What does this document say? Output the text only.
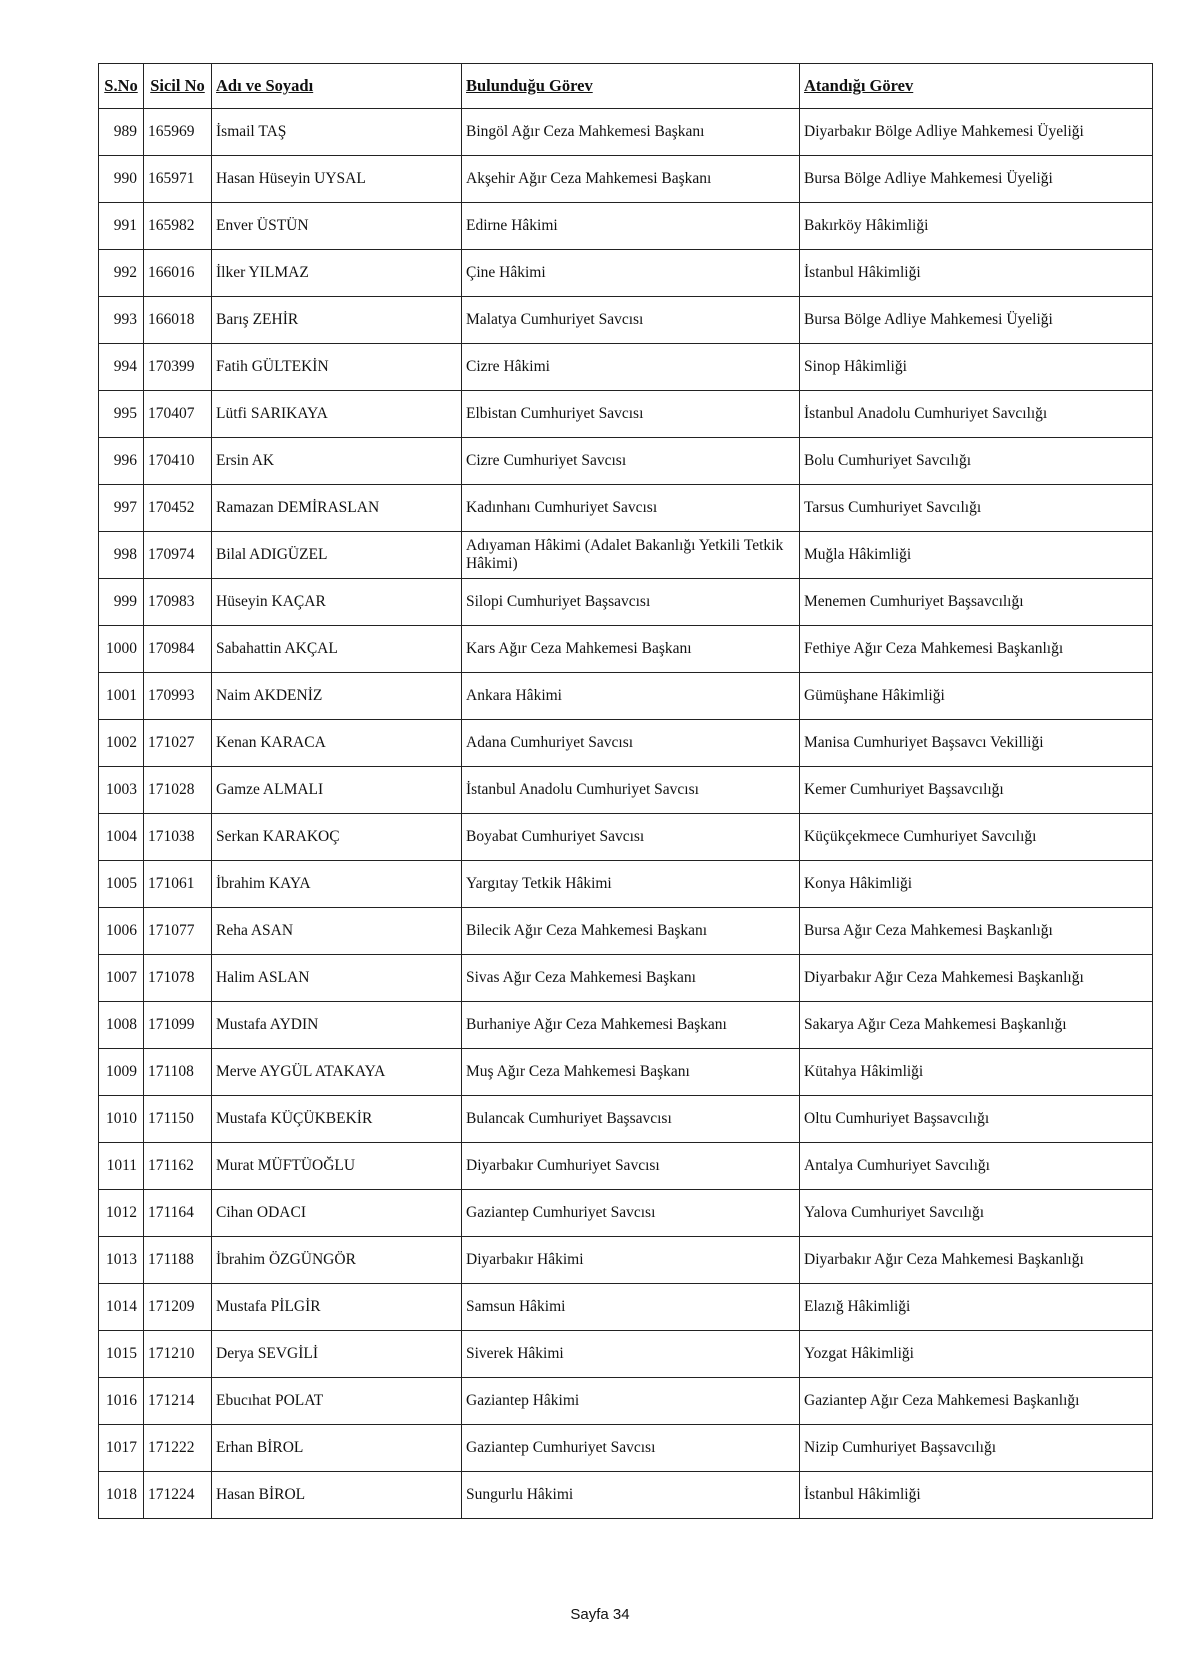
S.No	Sicil No	Adı ve Soyadı	Bulunduğu Görev	Atandığı Görev
989	165969	İsmail TAŞ	Bingöl Ağır Ceza Mahkemesi Başkanı	Diyarbakır Bölge Adliye Mahkemesi Üyeliği
990	165971	Hasan Hüseyin UYSAL	Akşehir Ağır Ceza Mahkemesi Başkanı	Bursa Bölge Adliye Mahkemesi Üyeliği
991	165982	Enver ÜSTÜN	Edirne Hâkimi	Bakırköy Hâkimliği
992	166016	İlker YILMAZ	Çine Hâkimi	İstanbul Hâkimliği
993	166018	Barış ZEHİR	Malatya Cumhuriyet Savcısı	Bursa Bölge Adliye Mahkemesi Üyeliği
994	170399	Fatih GÜLTEKİN	Cizre Hâkimi	Sinop Hâkimliği
995	170407	Lütfi SARIKAYA	Elbistan Cumhuriyet Savcısı	İstanbul Anadolu Cumhuriyet Savcılığı
996	170410	Ersin AK	Cizre Cumhuriyet Savcısı	Bolu Cumhuriyet Savcılığı
997	170452	Ramazan DEMİRASLAN	Kadınhanı Cumhuriyet Savcısı	Tarsus Cumhuriyet Savcılığı
998	170974	Bilal ADIGÜZEL	Adıyaman Hâkimi (Adalet Bakanlığı Yetkili Tetkik Hâkimi)	Muğla Hâkimliği
999	170983	Hüseyin KAÇAR	Silopi Cumhuriyet Başsavcısı	Menemen Cumhuriyet Başsavcılığı
1000	170984	Sabahattin AKÇAL	Kars Ağır Ceza Mahkemesi Başkanı	Fethiye Ağır Ceza Mahkemesi Başkanlığı
1001	170993	Naim AKDENİZ	Ankara Hâkimi	Gümüşhane Hâkimliği
1002	171027	Kenan KARACA	Adana Cumhuriyet Savcısı	Manisa Cumhuriyet Başsavcı Vekilliği
1003	171028	Gamze ALMALI	İstanbul Anadolu Cumhuriyet Savcısı	Kemer Cumhuriyet Başsavcılığı
1004	171038	Serkan KARAKOÇ	Boyabat Cumhuriyet Savcısı	Küçükçekmece Cumhuriyet Savcılığı
1005	171061	İbrahim KAYA	Yargıtay Tetkik Hâkimi	Konya Hâkimliği
1006	171077	Reha ASAN	Bilecik Ağır Ceza Mahkemesi Başkanı	Bursa Ağır Ceza Mahkemesi Başkanlığı
1007	171078	Halim ASLAN	Sivas Ağır Ceza Mahkemesi Başkanı	Diyarbakır Ağır Ceza Mahkemesi Başkanlığı
1008	171099	Mustafa AYDIN	Burhaniye Ağır Ceza Mahkemesi Başkanı	Sakarya Ağır Ceza Mahkemesi Başkanlığı
1009	171108	Merve AYGÜL ATAKAYA	Muş Ağır Ceza Mahkemesi Başkanı	Kütahya Hâkimliği
1010	171150	Mustafa KÜÇÜKBEKİR	Bulancak Cumhuriyet Başsavcısı	Oltu Cumhuriyet Başsavcılığı
1011	171162	Murat MÜFTÜOĞLU	Diyarbakır Cumhuriyet Savcısı	Antalya Cumhuriyet Savcılığı
1012	171164	Cihan ODACI	Gaziantep Cumhuriyet Savcısı	Yalova Cumhuriyet Savcılığı
1013	171188	İbrahim ÖZGÜNGÖR	Diyarbakır Hâkimi	Diyarbakır Ağır Ceza Mahkemesi Başkanlığı
1014	171209	Mustafa PİLGİR	Samsun Hâkimi	Elazığ Hâkimliği
1015	171210	Derya SEVGİLİ	Siverek Hâkimi	Yozgat Hâkimliği
1016	171214	Ebucıhat POLAT	Gaziantep Hâkimi	Gaziantep Ağır Ceza Mahkemesi Başkanlığı
1017	171222	Erhan BİROL	Gaziantep Cumhuriyet Savcısı	Nizip Cumhuriyet Başsavcılığı
1018	171224	Hasan BİROL	Sungurlu Hâkimi	İstanbul Hâkimliği
Sayfa 34
